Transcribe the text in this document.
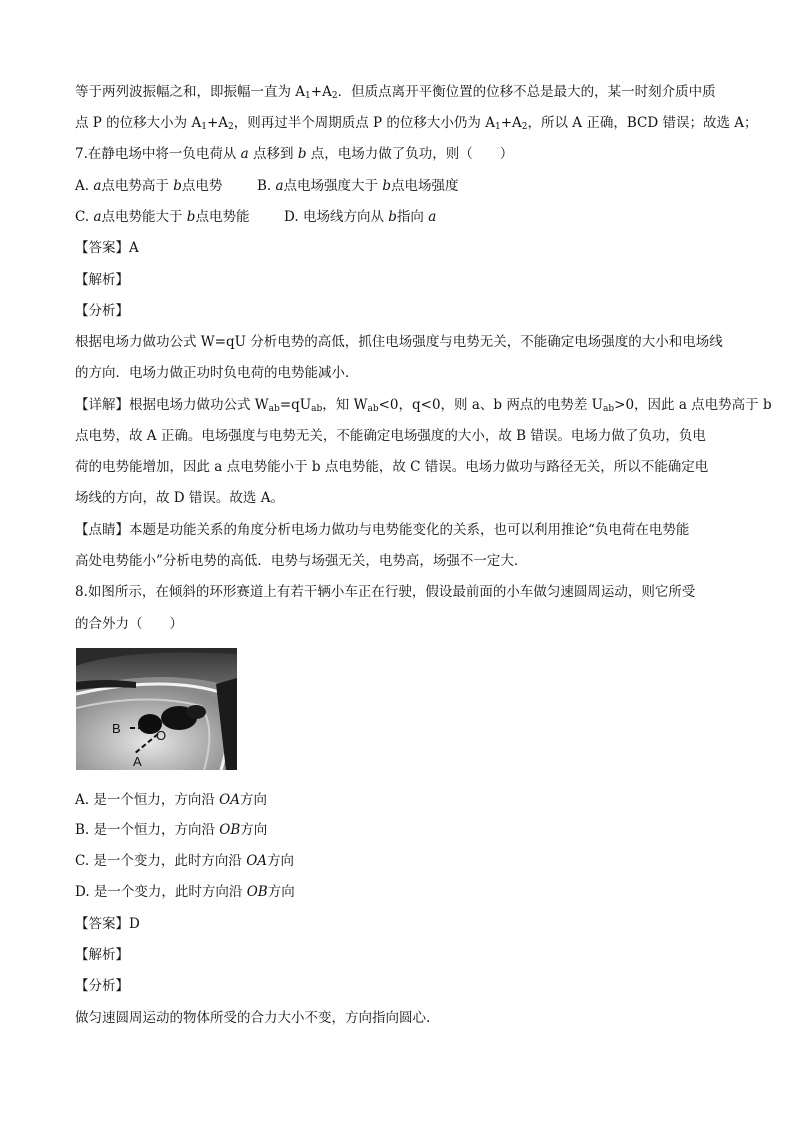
等于两列波振幅之和，即振幅一直为 $A_1+A_2$．但质点离开平衡位置的位移不总是最大的，某一时刻介质中质
点 P 的位移大小为 $A_1+A_2$，则再过半个周期质点 P 的位移大小仍为 $A_1+A_2$，所以 A 正确，BCD 错误；故选 A；
7.在静电场中将一负电荷从 a 点移到 b 点，电场力做了负功，则（　　）
A. a点电势高于 b点电势	B. a点电场强度大于 b点电场强度
C. a点电势能大于 b点电势能	D. 电场线方向从 b指向 a
【答案】A
【解析】
【分析】
根据电场力做功公式 W=qU 分析电势的高低，抓住电场强度与电势无关，不能确定电场强度的大小和电场线
的方向．电场力做正功时负电荷的电势能减小．
【详解】根据电场力做功公式 $W_{ab}=qU_{ab}$，知 $W_{ab}<0$，q<0，则 a、b 两点的电势差 $U_{ab}>0$，因此 a 点电势高于 b
点电势，故 A 正确。电场强度与电势无关，不能确定电场强度的大小，故 B 错误。电场力做了负功，负电
荷的电势能增加，因此 a 点电势能小于 b 点电势能，故 C 错误。电场力做功与路径无关，所以不能确定电
场线的方向，故 D 错误。故选 A。
【点睛】本题是功能关系的角度分析电场力做功与电势能变化的关系，也可以利用推论“负电荷在电势能
高处电势能小”分析电势的高低．电势与场强无关，电势高，场强不一定大．
8.如图所示，在倾斜的环形赛道上有若干辆小车正在行驶，假设最前面的小车做匀速圆周运动，则它所受
的合外力（　　）
B	O
A
A. 是一个恒力，方向沿 OA方向
B. 是一个恒力，方向沿 OB方向
C. 是一个变力，此时方向沿 OA方向
D. 是一个变力，此时方向沿 OB方向
【答案】D
【解析】
【分析】
做匀速圆周运动的物体所受的合力大小不变，方向指向圆心.
